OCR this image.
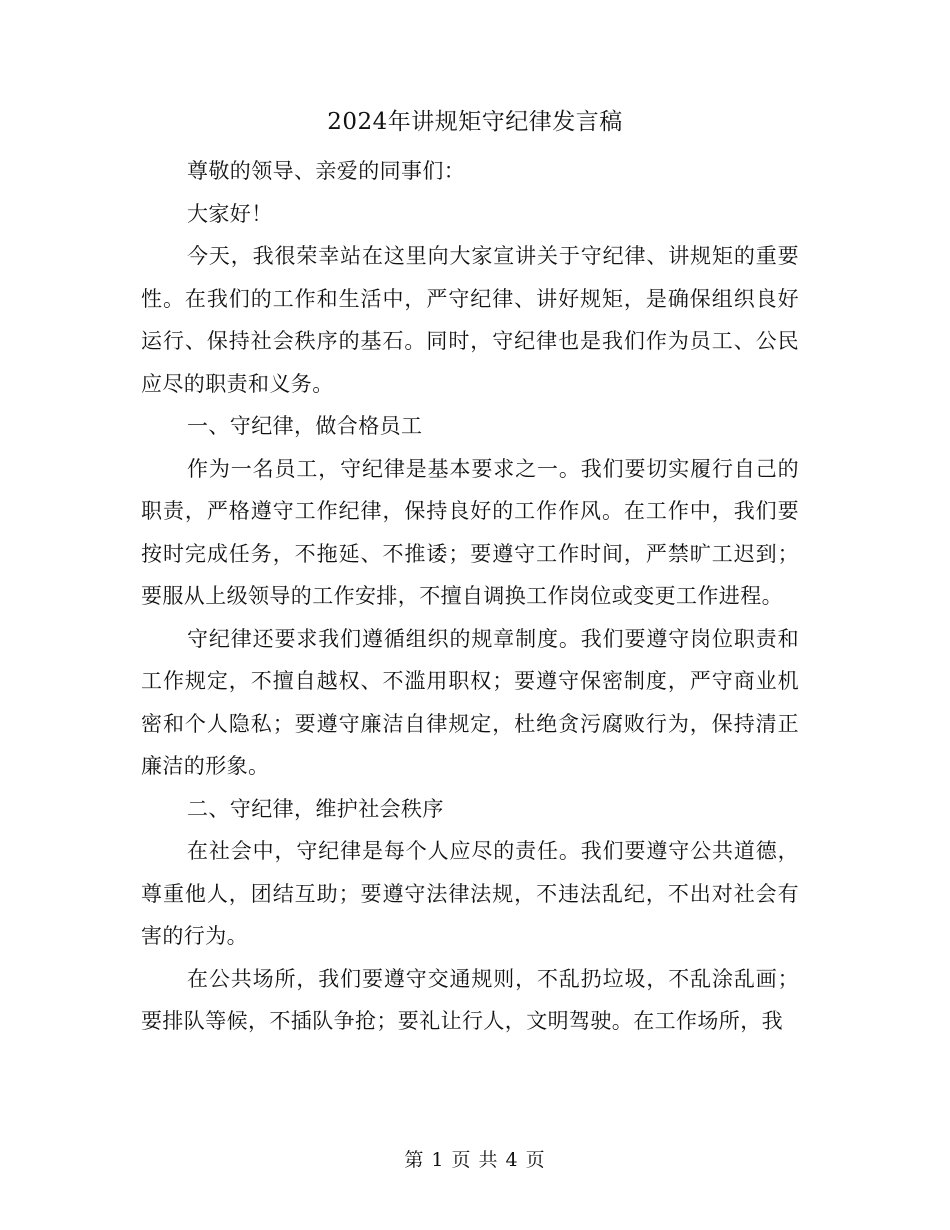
2024年讲规矩守纪律发言稿

尊敬的领导、亲爱的同事们：

大家好！

今天，我很荣幸站在这里向大家宣讲关于守纪律、讲规矩的重要性。在我们的工作和生活中，严守纪律、讲好规矩，是确保组织良好运行、保持社会秩序的基石。同时，守纪律也是我们作为员工、公民应尽的职责和义务。

一、守纪律，做合格员工

作为一名员工，守纪律是基本要求之一。我们要切实履行自己的职责，严格遵守工作纪律，保持良好的工作作风。在工作中，我们要按时完成任务，不拖延、不推诿；要遵守工作时间，严禁旷工迟到；要服从上级领导的工作安排，不擅自调换工作岗位或变更工作进程。

守纪律还要求我们遵循组织的规章制度。我们要遵守岗位职责和工作规定，不擅自越权、不滥用职权；要遵守保密制度，严守商业机密和个人隐私；要遵守廉洁自律规定，杜绝贪污腐败行为，保持清正廉洁的形象。

二、守纪律，维护社会秩序

在社会中，守纪律是每个人应尽的责任。我们要遵守公共道德，尊重他人，团结互助；要遵守法律法规，不违法乱纪，不出对社会有害的行为。

在公共场所，我们要遵守交通规则，不乱扔垃圾，不乱涂乱画；要排队等候，不插队争抢；要礼让行人，文明驾驶。在工作场所，我

第 1 页 共 4 页
